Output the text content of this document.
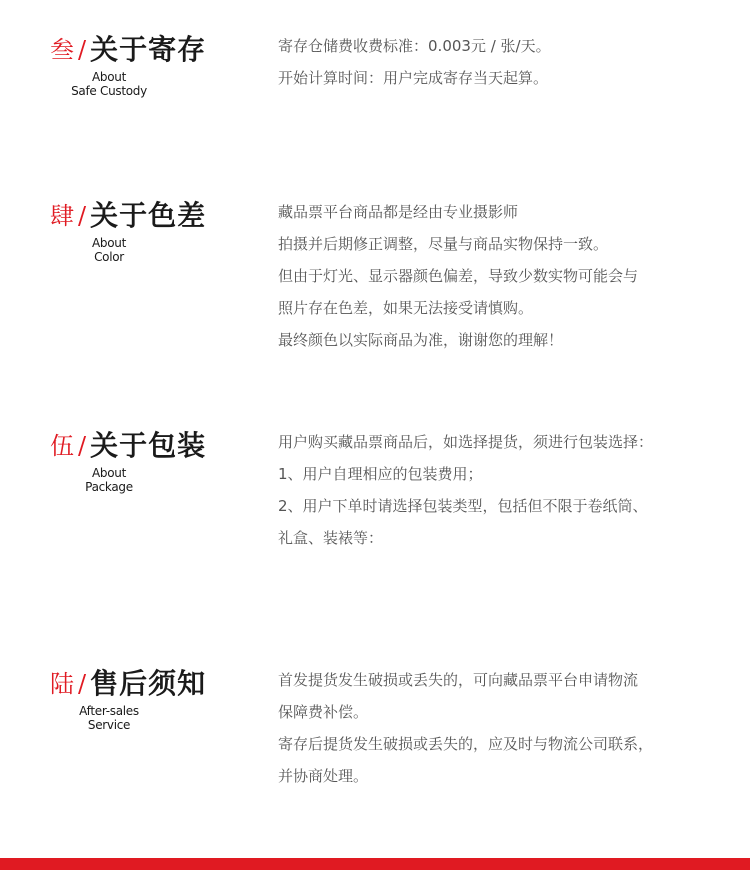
叁 / 关于寄存
About
Safe Custody

寄存仓储费收费标准：0.003元 / 张/天。

开始计算时间：用户完成寄存当天起算。

肆 / 关于色差
About
Color

藏品票平台商品都是经由专业摄影师

拍摄并后期修正调整，尽量与商品实物保持一致。

但由于灯光、显示器颜色偏差，导致少数实物可能会与

照片存在色差，如果无法接受请慎购。

最终颜色以实际商品为准，谢谢您的理解！

伍 / 关于包装
About
Package

用户购买藏品票商品后，如选择提货，须进行包装选择：

1、用户自理相应的包装费用；

2、用户下单时请选择包装类型，包括但不限于卷纸筒、

礼盒、装裱等：

陆 / 售后须知
After-sales
Service

首发提货发生破损或丢失的，可向藏品票平台申请物流

保障费补偿。

寄存后提货发生破损或丢失的，应及时与物流公司联系，

并协商处理。
